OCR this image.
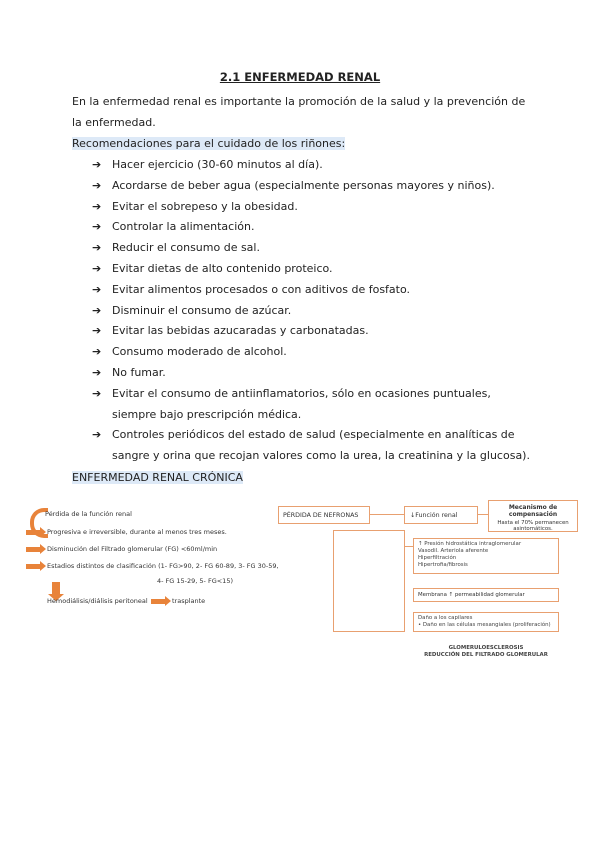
2.1 ENFERMEDAD RENAL
En la enfermedad renal es importante la promoción de la salud y la prevención de
la enfermedad.
Recomendaciones para el cuidado de los riñones:
➔ Hacer ejercicio (30-60 minutos al día).
➔ Acordarse de beber agua (especialmente personas mayores y niños).
➔ Evitar el sobrepeso y la obesidad.
➔ Controlar la alimentación.
➔ Reducir el consumo de sal.
➔ Evitar dietas de alto contenido proteico.
➔ Evitar alimentos procesados o con aditivos de fosfato.
➔ Disminuir el consumo de azúcar.
➔ Evitar las bebidas azucaradas y carbonatadas.
➔ Consumo moderado de alcohol.
➔ No fumar.
➔ Evitar el consumo de antiinflamatorios, sólo en ocasiones puntuales,
siempre bajo prescripción médica.
➔ Controles periódicos del estado de salud (especialmente en analíticas de
sangre y orina que recojan valores como la urea, la creatinina y la glucosa).
ENFERMEDAD RENAL CRÓNICA
Pérdida de la función renal
Progresiva e irreversible, durante al menos tres meses.
Disminución del Filtrado glomerular (FG) <60ml/min
Estadios distintos de clasificación (1- FG>90, 2- FG 60-89, 3- FG 30-59,
4- FG 15-29, 5- FG<15)
Hemodiálisis/diálisis peritoneal	trasplante
PÉRDIDA DE NEFRONAS	↓Función renal
Mecanismo de compensación
Hasta el 70% permanecen asintomáticos.
↑ Presión hidrostática intraglomerular
Vasodil. Arteriola aferente
Hiperfiltración
Hipertrofia/fibrosis
Membrana ↑ permeabilidad glomerular
Daño a los capilares
• Daño en las células mesangiales (proliferación)
GLOMERULOESCLEROSIS
REDUCCIÓN DEL FILTRADO GLOMERULAR
